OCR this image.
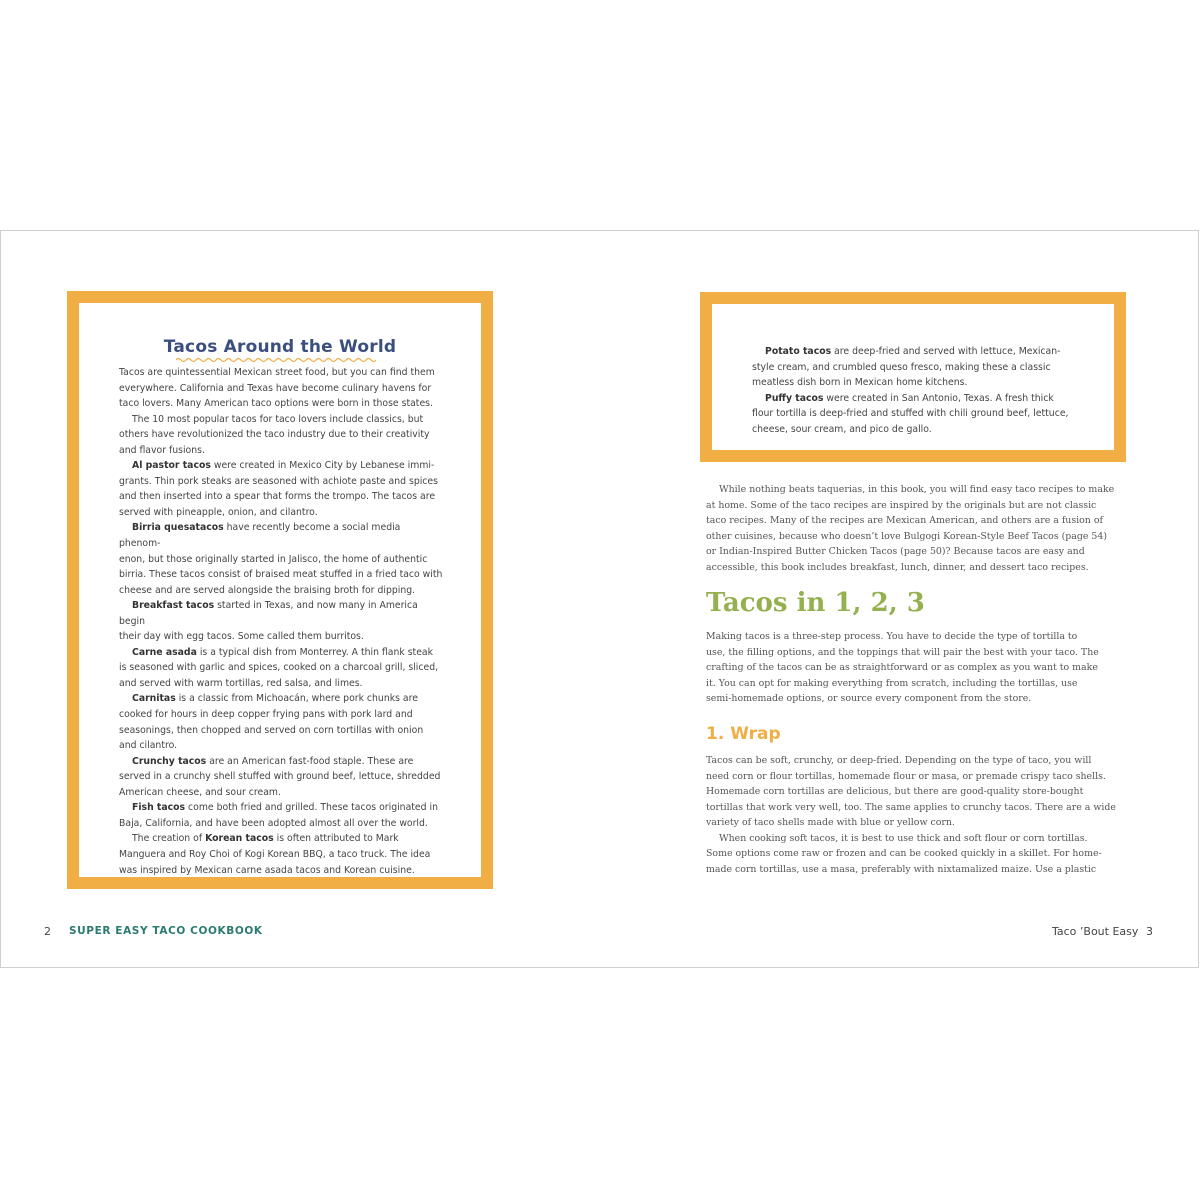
Tacos Around the World
Tacos are quintessential Mexican street food, but you can find them
everywhere. California and Texas have become culinary havens for
taco lovers. Many American taco options were born in those states.
The 10 most popular tacos for taco lovers include classics, but
others have revolutionized the taco industry due to their creativity
and flavor fusions.
Al pastor tacos were created in Mexico City by Lebanese immi-
grants. Thin pork steaks are seasoned with achiote paste and spices
and then inserted into a spear that forms the trompo. The tacos are
served with pineapple, onion, and cilantro.
Birria quesatacos have recently become a social media phenom-
enon, but those originally started in Jalisco, the home of authentic
birria. These tacos consist of braised meat stuffed in a fried taco with
cheese and are served alongside the braising broth for dipping.
Breakfast tacos started in Texas, and now many in America begin
their day with egg tacos. Some called them burritos.
Carne asada is a typical dish from Monterrey. A thin flank steak
is seasoned with garlic and spices, cooked on a charcoal grill, sliced,
and served with warm tortillas, red salsa, and limes.
Carnitas is a classic from Michoacán, where pork chunks are
cooked for hours in deep copper frying pans with pork lard and
seasonings, then chopped and served on corn tortillas with onion
and cilantro.
Crunchy tacos are an American fast-food staple. These are
served in a crunchy shell stuffed with ground beef, lettuce, shredded
American cheese, and sour cream.
Fish tacos come both fried and grilled. These tacos originated in
Baja, California, and have been adopted almost all over the world.
The creation of Korean tacos is often attributed to Mark
Manguera and Roy Choi of Kogi Korean BBQ, a taco truck. The idea
was inspired by Mexican carne asada tacos and Korean cuisine.
Potato tacos are deep-fried and served with lettuce, Mexican-
style cream, and crumbled queso fresco, making these a classic
meatless dish born in Mexican home kitchens.
Puffy tacos were created in San Antonio, Texas. A fresh thick
flour tortilla is deep-fried and stuffed with chili ground beef, lettuce,
cheese, sour cream, and pico de gallo.
While nothing beats taquerias, in this book, you will find easy taco recipes to make
at home. Some of the taco recipes are inspired by the originals but are not classic
taco recipes. Many of the recipes are Mexican American, and others are a fusion of
other cuisines, because who doesn’t love Bulgogi Korean-Style Beef Tacos (page 54)
or Indian-Inspired Butter Chicken Tacos (page 50)? Because tacos are easy and
accessible, this book includes breakfast, lunch, dinner, and dessert taco recipes.
Tacos in 1, 2, 3
Making tacos is a three-step process. You have to decide the type of tortilla to
use, the filling options, and the toppings that will pair the best with your taco. The
crafting of the tacos can be as straightforward or as complex as you want to make
it. You can opt for making everything from scratch, including the tortillas, use
semi-homemade options, or source every component from the store.
1. Wrap
Tacos can be soft, crunchy, or deep-fried. Depending on the type of taco, you will
need corn or flour tortillas, homemade flour or masa, or premade crispy taco shells.
Homemade corn tortillas are delicious, but there are good-quality store-bought
tortillas that work very well, too. The same applies to crunchy tacos. There are a wide
variety of taco shells made with blue or yellow corn.
When cooking soft tacos, it is best to use thick and soft flour or corn tortillas.
Some options come raw or frozen and can be cooked quickly in a skillet. For home-
made corn tortillas, use a masa, preferably with nixtamalized maize. Use a plastic
2 SUPER EASY TACO COOKBOOK	Taco ’Bout Easy 3
